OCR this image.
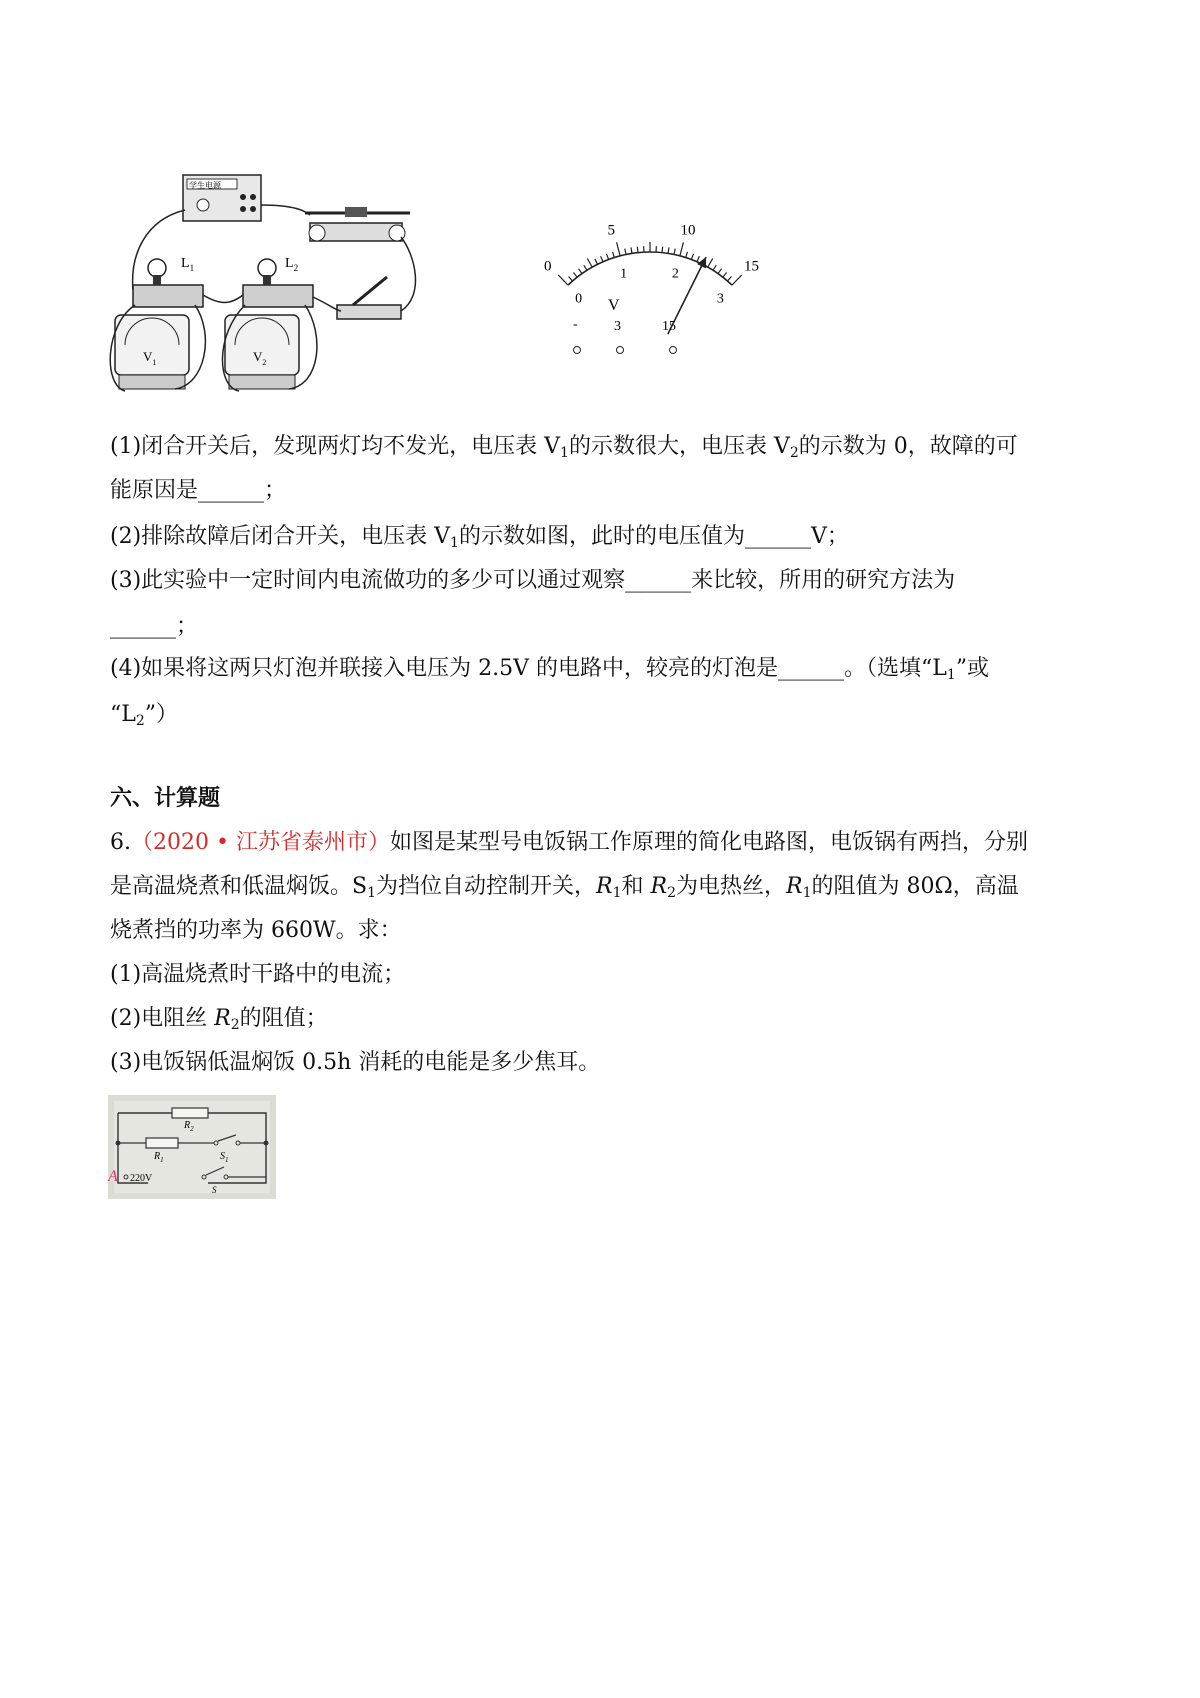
学生电源
$L_1$	$L_2$
$V_1$	$V_2$
0
5	10
15
0
1	2
3
V
-	3	15
(1)闭合开关后，发现两灯均不发光，电压表 $V_1$的示数很大，电压表 $V_2$的示数为 0，故障的可
能原因是______；
(2)排除故障后闭合开关，电压表 $V_1$的示数如图，此时的电压值为______V；
(3)此实验中一定时间内电流做功的多少可以通过观察______来比较，所用的研究方法为
______；
(4)如果将这两只灯泡并联接入电压为 2.5V 的电路中，较亮的灯泡是______。（选填“$L_1$”或
“$L_2$”）
六、计算题
6.（2020 • 江苏省泰州市）如图是某型号电饭锅工作原理的简化电路图，电饭锅有两挡，分别
是高温烧煮和低温焖饭。$S_1$为挡位自动控制开关，$R_1$和 $R_2$为电热丝，$R_1$的阻值为 80Ω，高温
烧煮挡的功率为 660W。求：
(1)高温烧煮时干路中的电流；
(2)电阻丝 $R_2$的阻值；
(3)电饭锅低温焖饭 0.5h 消耗的电能是多少焦耳。
$R_2$
$R_1$	$S_1$
S
220V
A
